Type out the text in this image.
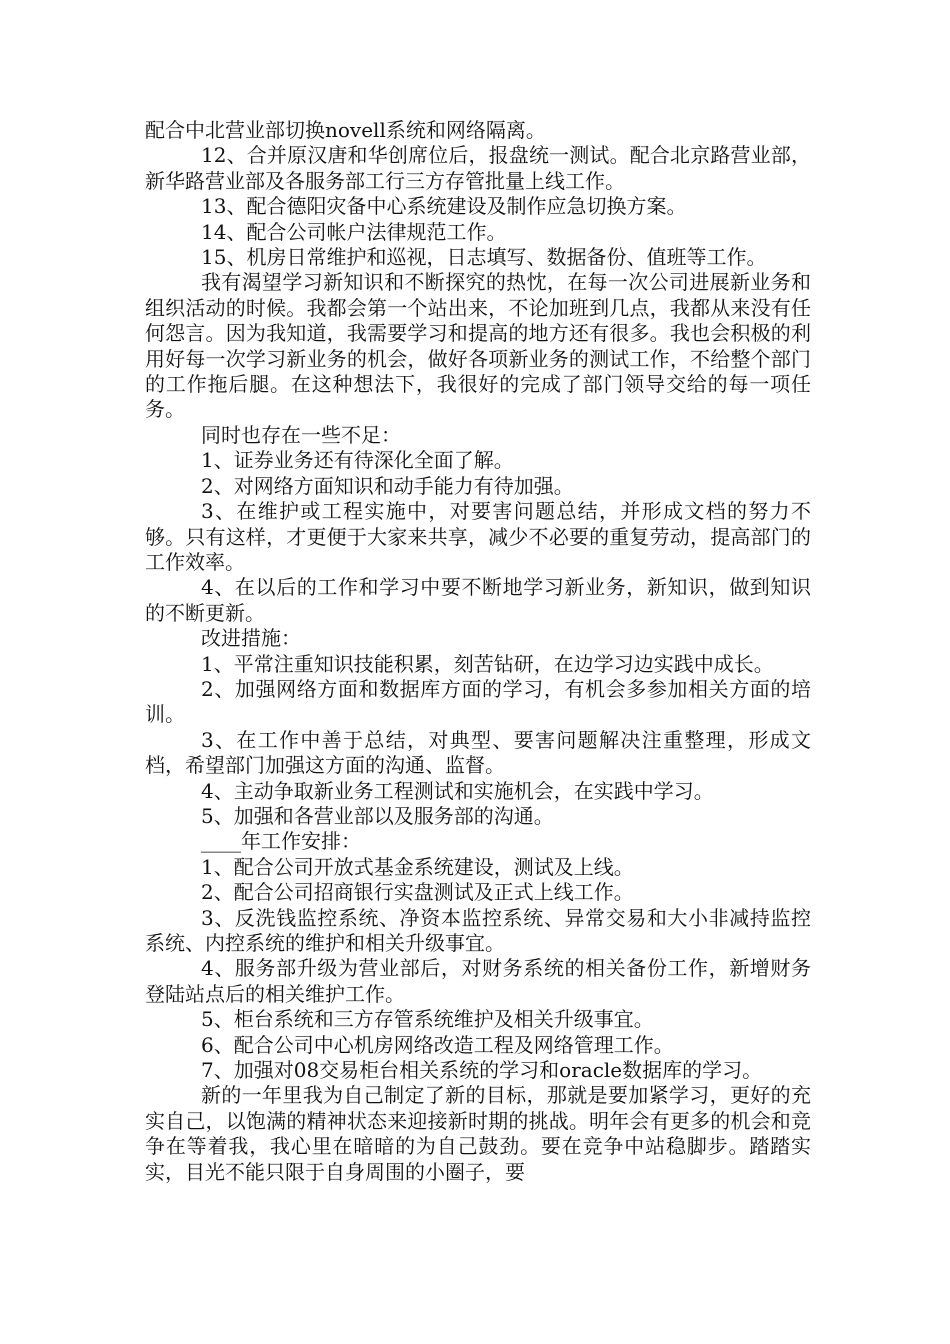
配合中北营业部切换novell系统和网络隔离。

12、合并原汉唐和华创席位后，报盘统一测试。配合北京路营业部，新华路营业部及各服务部工行三方存管批量上线工作。

13、配合德阳灾备中心系统建设及制作应急切换方案。

14、配合公司帐户法律规范工作。

15、机房日常维护和巡视，日志填写、数据备份、值班等工作。

我有渴望学习新知识和不断探究的热忱，在每一次公司进展新业务和组织活动的时候。我都会第一个站出来，不论加班到几点，我都从来没有任何怨言。因为我知道，我需要学习和提高的地方还有很多。我也会积极的利用好每一次学习新业务的机会，做好各项新业务的测试工作，不给整个部门的工作拖后腿。在这种想法下，我很好的完成了部门领导交给的每一项任务。

同时也存在一些不足：

1、证券业务还有待深化全面了解。

2、对网络方面知识和动手能力有待加强。

3、在维护或工程实施中，对要害问题总结，并形成文档的努力不够。只有这样，才更便于大家来共享，减少不必要的重复劳动，提高部门的工作效率。

4、在以后的工作和学习中要不断地学习新业务，新知识，做到知识的不断更新。

改进措施：

1、平常注重知识技能积累，刻苦钻研，在边学习边实践中成长。

2、加强网络方面和数据库方面的学习，有机会多参加相关方面的培训。

3、在工作中善于总结，对典型、要害问题解决注重整理，形成文档，希望部门加强这方面的沟通、监督。

4、主动争取新业务工程测试和实施机会，在实践中学习。

5、加强和各营业部以及服务部的沟通。

____年工作安排：

1、配合公司开放式基金系统建设，测试及上线。

2、配合公司招商银行实盘测试及正式上线工作。

3、反洗钱监控系统、净资本监控系统、异常交易和大小非减持监控系统、内控系统的维护和相关升级事宜。

4、服务部升级为营业部后，对财务系统的相关备份工作，新增财务登陆站点后的相关维护工作。

5、柜台系统和三方存管系统维护及相关升级事宜。

6、配合公司中心机房网络改造工程及网络管理工作。

7、加强对08交易柜台相关系统的学习和oracle数据库的学习。

新的一年里我为自己制定了新的目标，那就是要加紧学习，更好的充实自己，以饱满的精神状态来迎接新时期的挑战。明年会有更多的机会和竞争在等着我，我心里在暗暗的为自己鼓劲。要在竞争中站稳脚步。踏踏实实，目光不能只限于自身周围的小圈子，要
